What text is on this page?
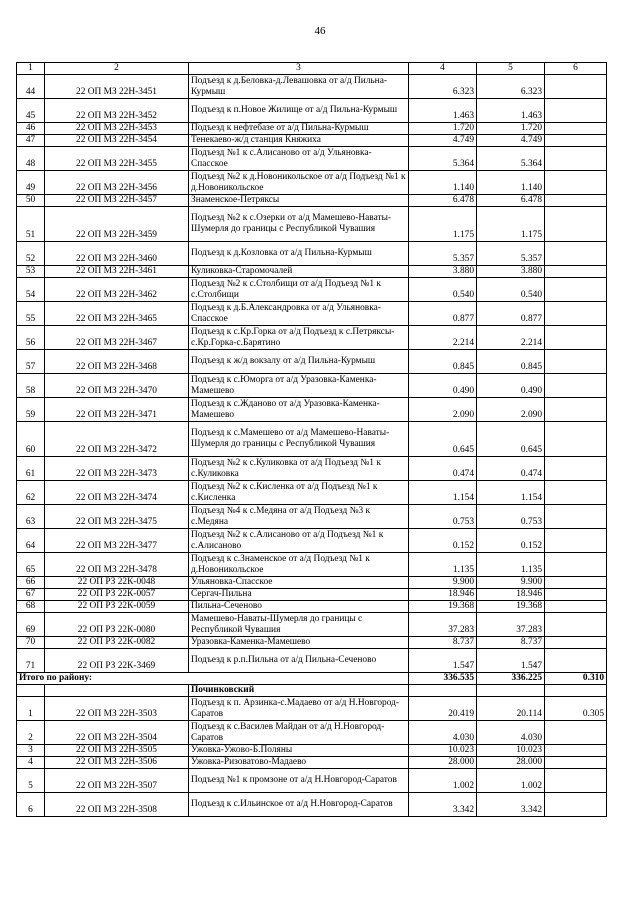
46
1	2	3	4	5	6
44	22 ОП МЗ 22Н-3451	Подъезд к д.Беловка-д.Левашовка от а/д Пильна-Курмыш	6.323	6.323	
45	22 ОП МЗ 22Н-3452	Подъезд к п.Новое Жилище от а/д Пильна-Курмыш	1.463	1.463	
46	22 ОП МЗ 22Н-3453	Подъезд к нефтебазе от а/д Пильна-Курмыш	1.720	1.720	
47	22 ОП МЗ 22Н-3454	Тенекаево-ж/д станция Княжиха	4.749	4.749	
48	22 ОП МЗ 22Н-3455	Подъезд №1 к с.Алисаново от а/д Ульяновка-Спасское	5.364	5.364	
49	22 ОП МЗ 22Н-3456	Подъезд №2 к д.Новоникольское от а/д Подъезд №1 к д.Новоникольское	1.140	1.140	
50	22 ОП МЗ 22Н-3457	Знаменское-Петряксы	6.478	6.478	
51	22 ОП МЗ 22Н-3459	Подъезд №2 к с.Озерки от а/д Мамешево-Наваты-Шумерля до границы с Республикой Чувашия	1.175	1.175	
52	22 ОП МЗ 22Н-3460	Подъезд к д.Козловка от а/д Пильна-Курмыш	5.357	5.357	
53	22 ОП МЗ 22Н-3461	Куликовка-Старомочалей	3.880	3.880	
54	22 ОП МЗ 22Н-3462	Подъезд №2 к с.Столбищи от а/д Подъезд №1 к с.Столбищи	0.540	0.540	
55	22 ОП МЗ 22Н-3465	Подъезд к д.Б.Александровка от а/д Ульяновка-Спасское	0.877	0.877	
56	22 ОП МЗ 22Н-3467	Подъезд к с.Кр.Горка от а/д Подъезд к с.Петряксы-с.Кр.Горка-с.Барятино	2.214	2.214	
57	22 ОП МЗ 22Н-3468	Подъезд к ж/д вокзалу от а/д Пильна-Курмыш	0.845	0.845	
58	22 ОП МЗ 22Н-3470	Подъезд к с.Юморга от а/д Уразовка-Каменка-Мамешево	0.490	0.490	
59	22 ОП МЗ 22Н-3471	Подъезд к с.Жданово от а/д Уразовка-Каменка-Мамешево	2.090	2.090	
60	22 ОП МЗ 22Н-3472	Подъезд к с.Мамешево от а/д Мамешево-Наваты-Шумерля до границы с Республикой Чувашия	0.645	0.645	
61	22 ОП МЗ 22Н-3473	Подъезд №2 к с.Куликовка от а/д Подъезд №1 к с.Куликовка	0.474	0.474	
62	22 ОП МЗ 22Н-3474	Подъезд №2 к с.Кисленка от а/д Подъезд №1 к с.Кисленка	1.154	1.154	
63	22 ОП МЗ 22Н-3475	Подъезд №4 к с.Медяна от а/д Подъезд №3 к с.Медяна	0.753	0.753	
64	22 ОП МЗ 22Н-3477	Подъезд №2 к с.Алисаново от а/д Подъезд №1 к с.Алисаново	0.152	0.152	
65	22 ОП МЗ 22Н-3478	Подъезд к с.Знаменское от а/д Подъезд №1 к д.Новоникольское	1.135	1.135	
66	22 ОП РЗ 22К-0048	Ульяновка-Спасское	9.900	9.900	
67	22 ОП РЗ 22К-0057	Сергач-Пильна	18.946	18.946	
68	22 ОП РЗ 22К-0059	Пильна-Сеченово	19.368	19.368	
69	22 ОП РЗ 22К-0080	Мамешево-Наваты-Шумерля до границы с Республикой Чувашия	37.283	37.283	
70	22 ОП РЗ 22К-0082	Уразовка-Каменка-Мамешево	8.737	8.737	
71	22 ОП РЗ 22К-3469	Подъезд к р.п.Пильна от а/д Пильна-Сеченово	1.547	1.547	
Итого по району:			336.535	336.225	0.310
		Починковский			
1	22 ОП МЗ 22Н-3503	Подъезд к п. Арзинка-с.Мадаево от а/д Н.Новгород-Саратов	20.419	20.114	0.305
2	22 ОП МЗ 22Н-3504	Подъезд к с.Василев Майдан от а/д Н.Новгород-Саратов	4.030	4.030	
3	22 ОП МЗ 22Н-3505	Ужовка-Ужово-Б.Поляны	10.023	10.023	
4	22 ОП МЗ 22Н-3506	Ужовка-Ризоватово-Мадаево	28.000	28.000	
5	22 ОП МЗ 22Н-3507	Подъезд №1 к промзоне от а/д Н.Новгород-Саратов	1.002	1.002	
6	22 ОП МЗ 22Н-3508	Подъезд к с.Ильинское от а/д Н.Новгород-Саратов	3.342	3.342	
